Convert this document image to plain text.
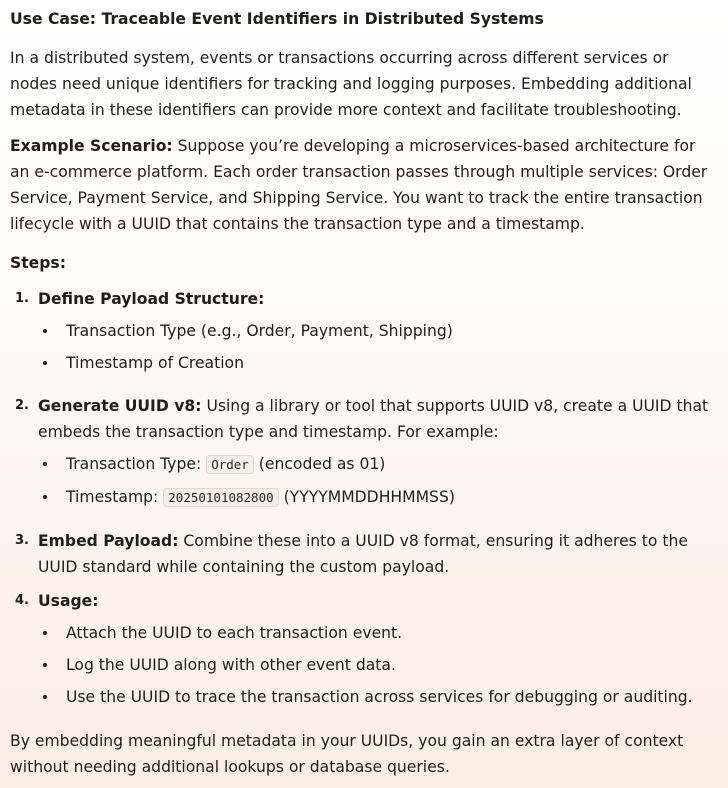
Use Case: Traceable Event Identifiers in Distributed Systems

In a distributed system, events or transactions occurring across different services or nodes need unique identifiers for tracking and logging purposes. Embedding additional metadata in these identifiers can provide more context and facilitate troubleshooting.

Example Scenario: Suppose you’re developing a microservices-based architecture for an e-commerce platform. Each order transaction passes through multiple services: Order Service, Payment Service, and Shipping Service. You want to track the entire transaction lifecycle with a UUID that contains the transaction type and a timestamp.

Steps:

1. Define Payload Structure:
Transaction Type (e.g., Order, Payment, Shipping)
Timestamp of Creation
2. Generate UUID v8: Using a library or tool that supports UUID v8, create a UUID that embeds the transaction type and timestamp. For example:
Transaction Type: Order (encoded as 01)
Timestamp: 20250101082800 (YYYYMMDDHHMMSS)
3. Embed Payload: Combine these into a UUID v8 format, ensuring it adheres to the UUID standard while containing the custom payload.
4. Usage:
Attach the UUID to each transaction event.
Log the UUID along with other event data.
Use the UUID to trace the transaction across services for debugging or auditing.

By embedding meaningful metadata in your UUIDs, you gain an extra layer of context without needing additional lookups or database queries.
